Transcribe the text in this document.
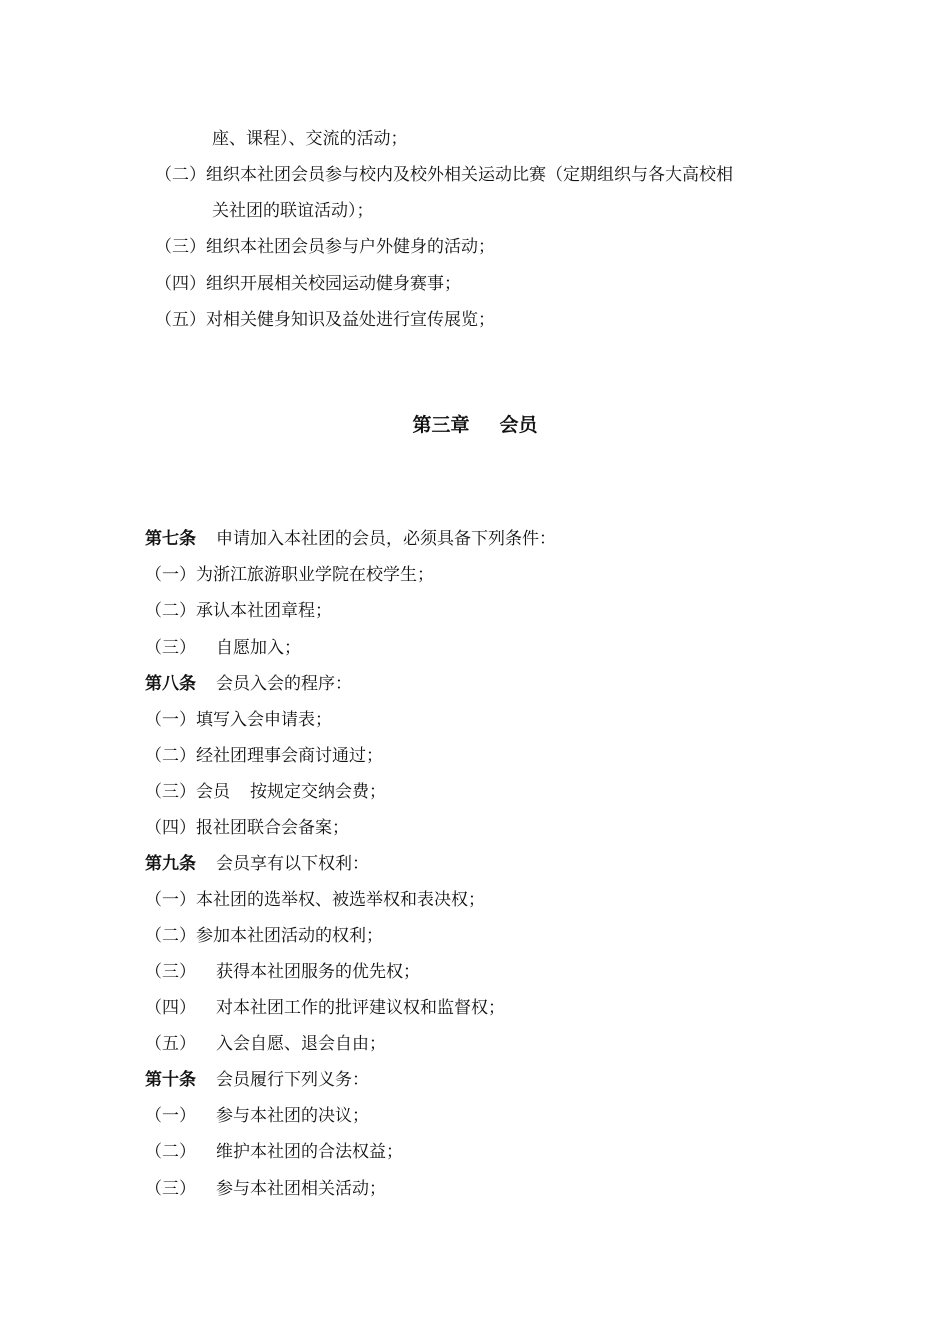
座、课程）、交流的活动；
（二）组织本社团会员参与校内及校外相关运动比赛（定期组织与各大高校相
关社团的联谊活动）；
（三）组织本社团会员参与户外健身的活动；
（四）组织开展相关校园运动健身赛事；
（五）对相关健身知识及益处进行宣传展览；
第三章 会员
第七条 申请加入本社团的会员，必须具备下列条件：
（一）为浙江旅游职业学院在校学生；
（二）承认本社团章程；
（三） 自愿加入；
第八条 会员入会的程序：
（一）填写入会申请表；
（二）经社团理事会商讨通过；
（三）会员 按规定交纳会费；
（四）报社团联合会备案；
第九条 会员享有以下权利：
（一）本社团的选举权、被选举权和表决权；
（二）参加本社团活动的权利；
（三） 获得本社团服务的优先权；
（四） 对本社团工作的批评建议权和监督权；
（五） 入会自愿、退会自由；
第十条 会员履行下列义务：
（一） 参与本社团的决议；
（二） 维护本社团的合法权益；
（三） 参与本社团相关活动；
